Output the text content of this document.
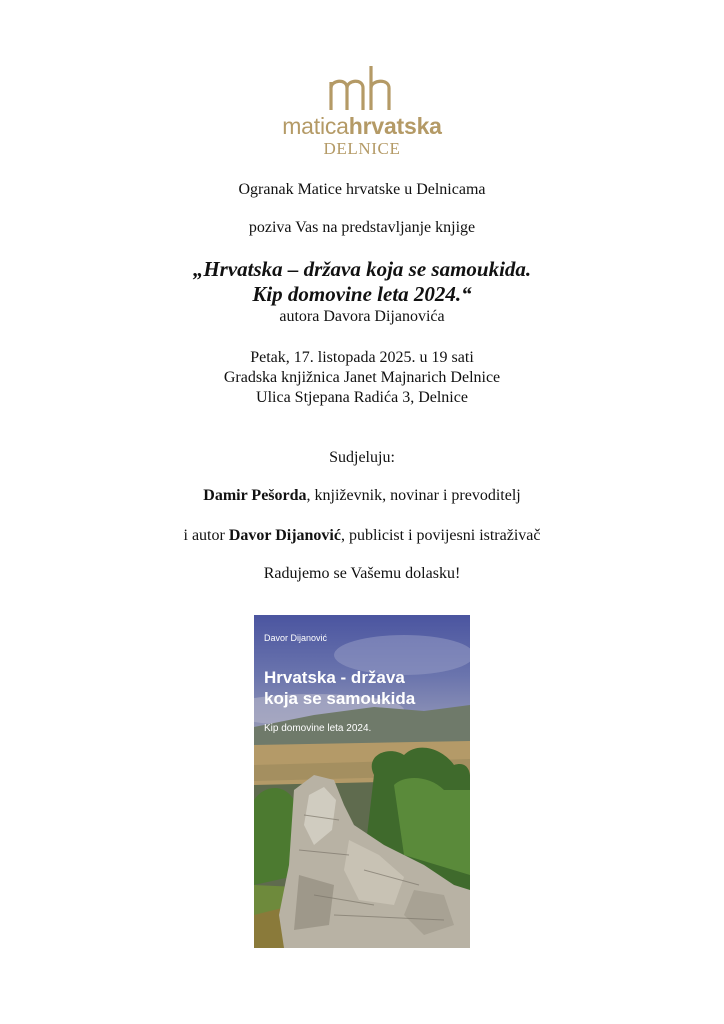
maticahrvatska
DELNICE
Ogranak Matice hrvatske u Delnicama
poziva Vas na predstavljanje knjige
„Hrvatska – država koja se samoukida.
Kip domovine leta 2024.“
autora Davora Dijanovića
Petak, 17. listopada 2025. u 19 sati
Gradska knjižnica Janet Majnarich Delnice
Ulica Stjepana Radića 3, Delnice
Sudjeluju:
Damir Pešorda, književnik, novinar i prevoditelj
i autor Davor Dijanović, publicist i povijesni istraživač
Radujemo se Vašemu dolasku!
Davor Dijanović
Hrvatska - država
koja se samoukida
Kip domovine leta 2024.
